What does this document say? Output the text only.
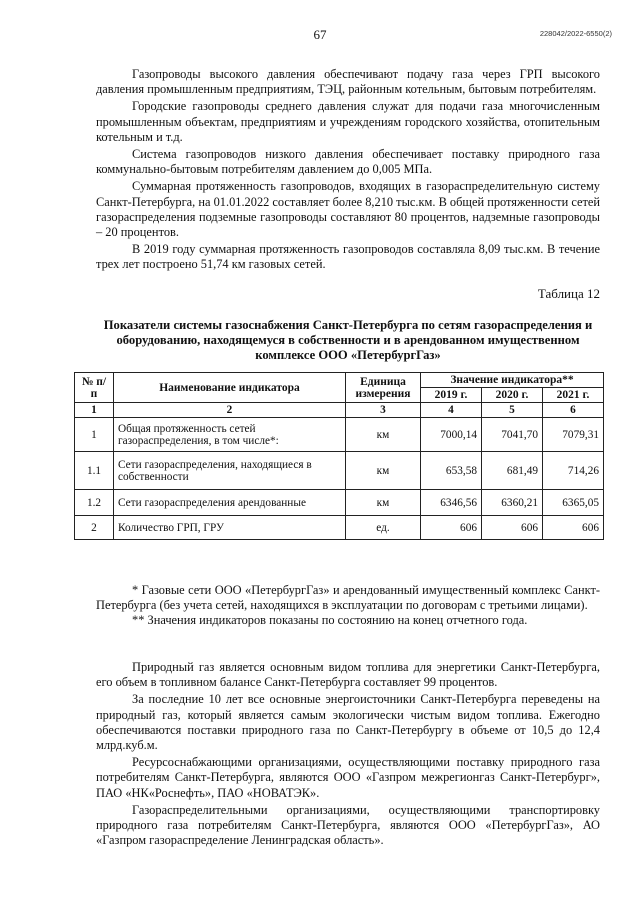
67	228042/2022-6550(2)

Газопроводы высокого давления обеспечивают подачу газа через ГРП высокого давления промышленным предприятиям, ТЭЦ, районным котельным, бытовым потребителям.

Городские газопроводы среднего давления служат для подачи газа многочисленным промышленным объектам, предприятиям и учреждениям городского хозяйства, отопительным котельным и т.д.

Система газопроводов низкого давления обеспечивает поставку природного газа коммунально-бытовым потребителям давлением до 0,005 МПа.

Суммарная протяженность газопроводов, входящих в газораспределительную систему Санкт-Петербурга, на 01.01.2022 составляет более 8,210 тыс.км. В общей протяженности сетей газораспределения подземные газопроводы составляют 80 процентов, надземные газопроводы – 20 процентов.

В 2019 году суммарная протяженность газопроводов составляла 8,09 тыс.км. В течение трех лет построено 51,74 км газовых сетей.

Таблица 12
Показатели системы газоснабжения Санкт-Петербурга по сетям газораспределения и оборудованию, находящемуся в собственности и в арендованном имущественном комплексе ООО «ПетербургГаз»
№ п/п	Наименование индикатора	Единица измерения	Значение индикатора**		
			2019 г.	2020 г.	2021 г.
1	2	3	4	5	6
1	Общая протяженность сетей газораспределения, в том числе*:	км	7000,14	7041,70	7079,31
1.1	Сети газораспределения, находящиеся в собственности	км	653,58	681,49	714,26
1.2	Сети газораспределения арендованные	км	6346,56	6360,21	6365,05
2	Количество ГРП, ГРУ	ед.	606	606	606

* Газовые сети ООО «ПетербургГаз» и арендованный имущественный комплекс Санкт-Петербурга (без учета сетей, находящихся в эксплуатации по договорам с третьими лицами).

** Значения индикаторов показаны по состоянию на конец отчетного года.

Природный газ является основным видом топлива для энергетики Санкт-Петербурга, его объем в топливном балансе Санкт-Петербурга составляет 99 процентов.

За последние 10 лет все основные энергоисточники Санкт-Петербурга переведены на природный газ, который является самым экологически чистым видом топлива. Ежегодно обеспечиваются поставки природного газа по Санкт-Петербургу в объеме от 10,5 до 12,4 млрд.куб.м.

Ресурсоснабжающими организациями, осуществляющими поставку природного газа потребителям Санкт-Петербурга, являются ООО «Газпром межрегионгаз Санкт-Петербург», ПАО «НК«Роснефть», ПАО «НОВАТЭК».

Газораспределительными организациями, осуществляющими транспортировку природного газа потребителям Санкт-Петербурга, являются ООО «ПетербургГаз», АО «Газпром газораспределение Ленинградская область».
